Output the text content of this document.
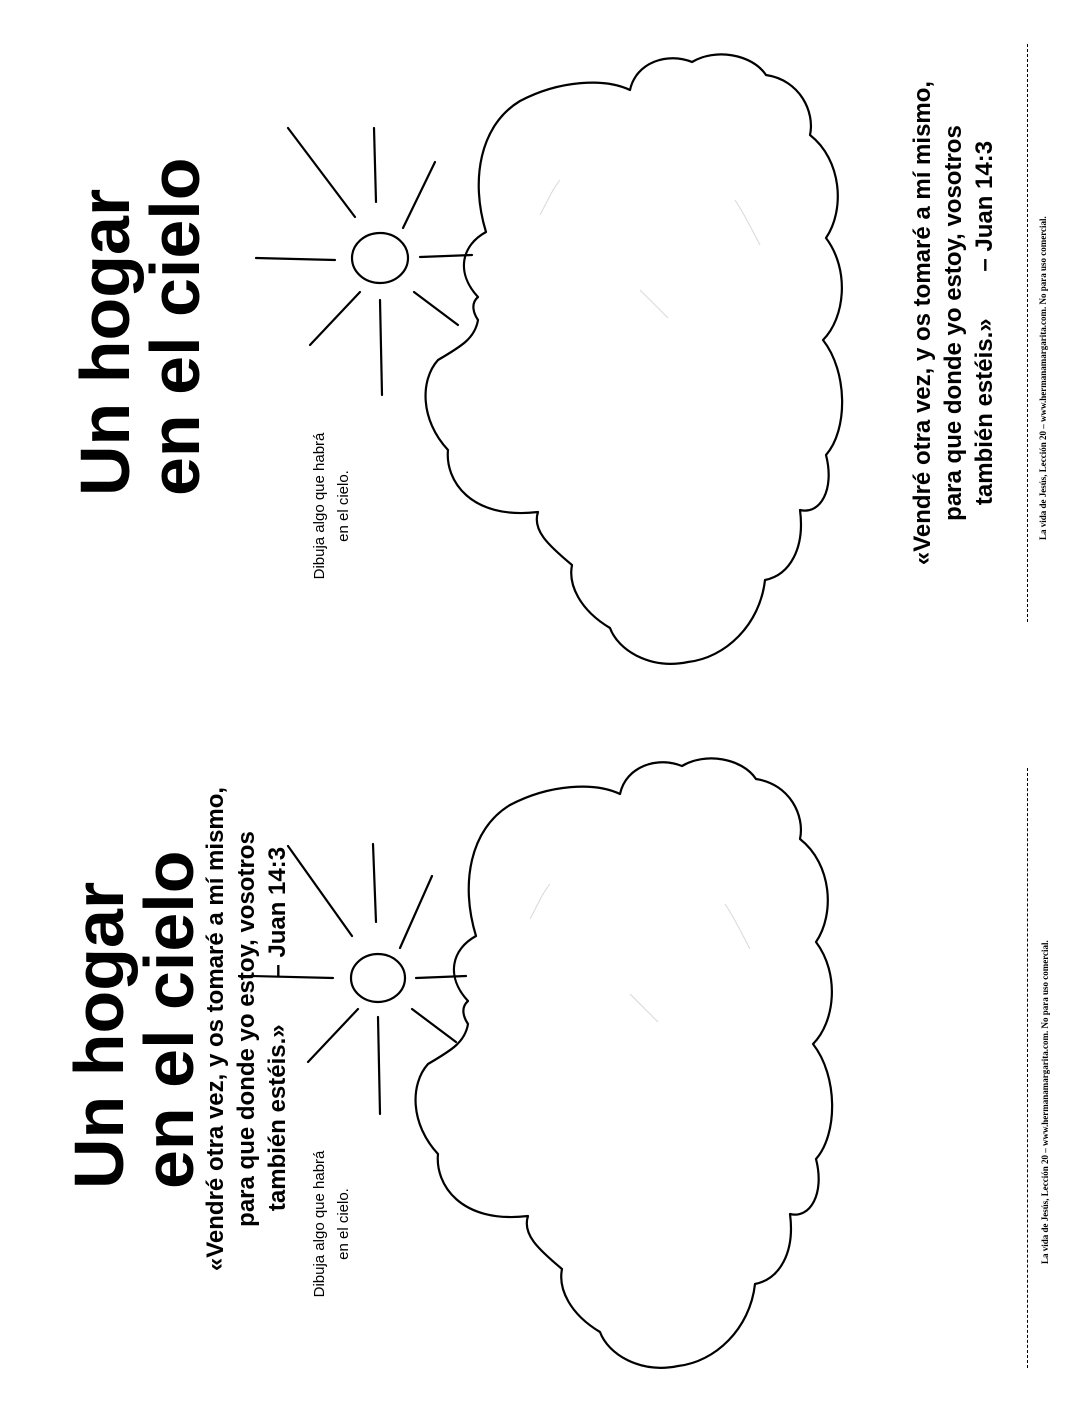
Un hogar
en el cielo
Dibuja algo que habrá en el cielo.	«Vendré otra vez, y os tomaré a mí mismo, para que donde yo estoy, vosotros también estéis.»       – Juan 14:3
La vida de Jesús, Lección 20 – www.hermanamargarita.com. No para uso comercial.
Un hogar
en el cielo
Dibuja algo que habrá en el cielo.
«Vendré otra vez, y os tomaré a mí mismo, para que donde yo estoy, vosotros también estéis.»       – Juan 14:3
La vida de Jesús, Lección 20 – www.hermanamargarita.com. No para uso comercial.
